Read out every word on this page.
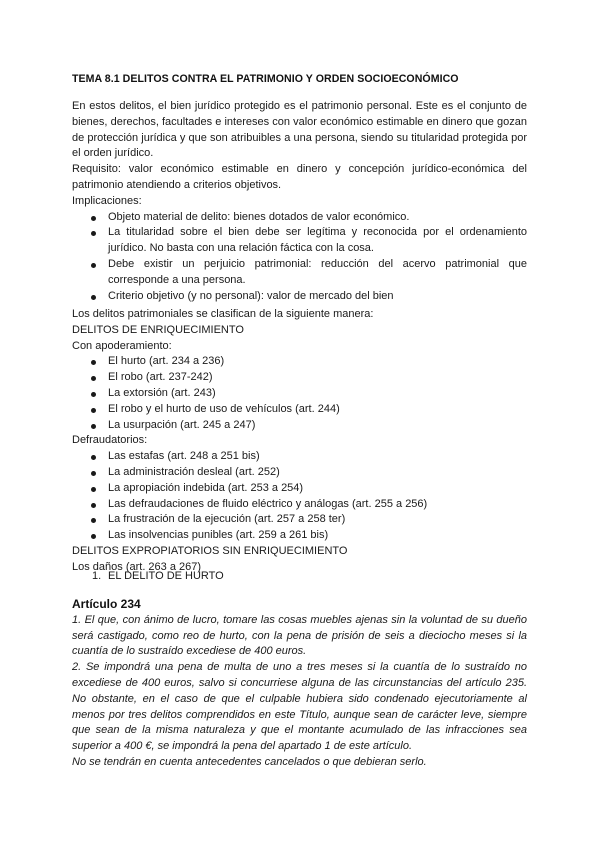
TEMA 8.1 DELITOS CONTRA EL PATRIMONIO Y ORDEN SOCIOECONÓMICO

En estos delitos, el bien jurídico protegido es el patrimonio personal. Este es el conjunto de bienes, derechos, facultades e intereses con valor económico estimable en dinero que gozan de protección jurídica y que son atribuibles a una persona, siendo su titularidad protegida por el orden jurídico.

Requisito: valor económico estimable en dinero y concepción jurídico-económica del patrimonio atendiendo a criterios objetivos.

Implicaciones:

Objeto material de delito: bienes dotados de valor económico.
La titularidad sobre el bien debe ser legítima y reconocida por el ordenamiento jurídico. No basta con una relación fáctica con la cosa.
Debe existir un perjuicio patrimonial: reducción del acervo patrimonial que corresponde a una persona.
Criterio objetivo (y no personal): valor de mercado del bien

Los delitos patrimoniales se clasifican de la siguiente manera:

DELITOS DE ENRIQUECIMIENTO

Con apoderamiento:

El hurto (art. 234 a 236)
El robo (art. 237-242)
La extorsión (art. 243)
El robo y el hurto de uso de vehículos (art. 244)
La usurpación (art. 245 a 247)

Defraudatorios:

Las estafas (art. 248 a 251 bis)
La administración desleal (art. 252)
La apropiación indebida (art. 253 a 254)
Las defraudaciones de fluido eléctrico y análogas (art. 255 a 256)
La frustración de la ejecución (art. 257 a 258 ter)
Las insolvencias punibles (art. 259 a 261 bis)

DELITOS EXPROPIATORIOS SIN ENRIQUECIMIENTO

Los daños (art. 263 a 267)

1. EL DELITO DE HURTO
Artículo 234

1. El que, con ánimo de lucro, tomare las cosas muebles ajenas sin la voluntad de su dueño será castigado, como reo de hurto, con la pena de prisión de seis a dieciocho meses si la cuantía de lo sustraído excediese de 400 euros.

2. Se impondrá una pena de multa de uno a tres meses si la cuantía de lo sustraído no excediese de 400 euros, salvo si concurriese alguna de las circunstancias del artículo 235. No obstante, en el caso de que el culpable hubiera sido condenado ejecutoriamente al menos por tres delitos comprendidos en este Título, aunque sean de carácter leve, siempre que sean de la misma naturaleza y que el montante acumulado de las infracciones sea superior a 400 €, se impondrá la pena del apartado 1 de este artículo.

No se tendrán en cuenta antecedentes cancelados o que debieran serlo.
